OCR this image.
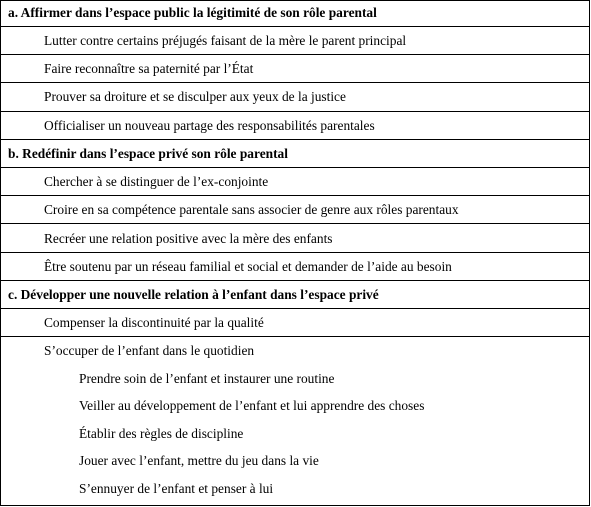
a. Affirmer dans l’espace public la légitimité de son rôle parental
Lutter contre certains préjugés faisant de la mère le parent principal
Faire reconnaître sa paternité par l’État
Prouver sa droiture et se disculper aux yeux de la justice
Officialiser un nouveau partage des responsabilités parentales
b. Redéfinir dans l’espace privé son rôle parental
Chercher à se distinguer de l’ex-conjointe
Croire en sa compétence parentale sans associer de genre aux rôles parentaux
Recréer une relation positive avec la mère des enfants
Être soutenu par un réseau familial et social et demander de l’aide au besoin
c. Développer une nouvelle relation à l’enfant dans l’espace privé
Compenser la discontinuité par la qualité
S’occuper de l’enfant dans le quotidien
Prendre soin de l’enfant et instaurer une routine
Veiller au développement de l’enfant et lui apprendre des choses
Établir des règles de discipline
Jouer avec l’enfant, mettre du jeu dans la vie
S’ennuyer de l’enfant et penser à lui
